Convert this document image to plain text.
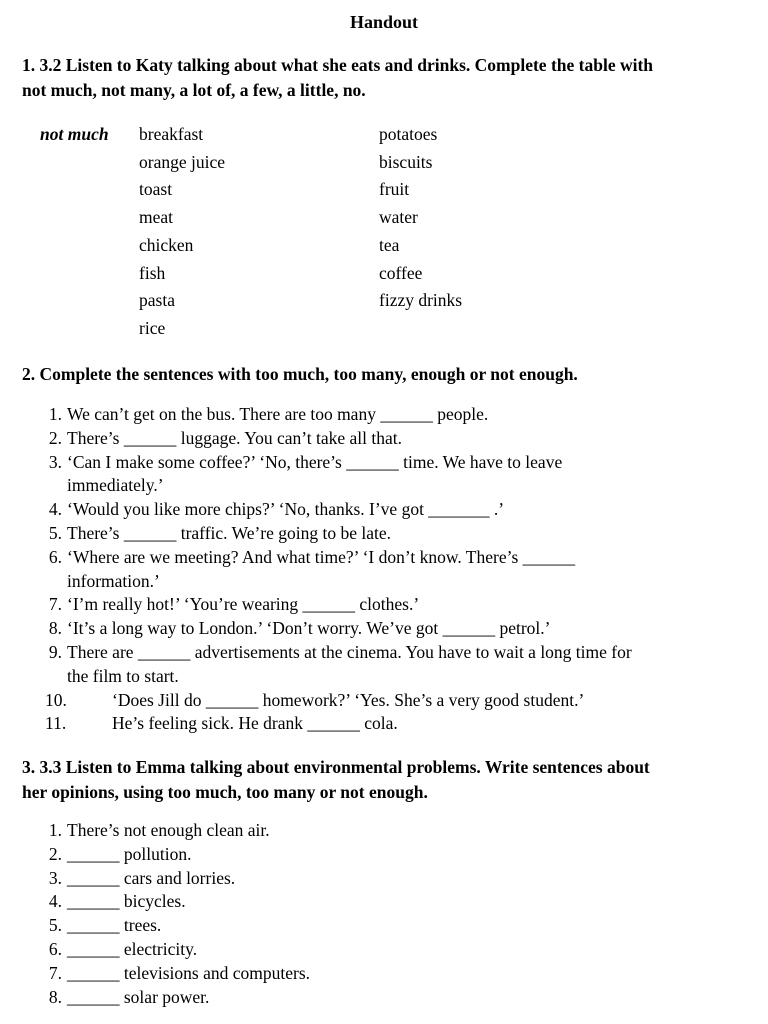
Handout
1. 3.2 Listen to Katy talking about what she eats and drinks. Complete the table with
not much, not many, a lot of, a few, a little, no.
not much breakfast
orange juice
toast
meat
chicken
fish
pasta
rice
potatoes
biscuits
fruit
water
tea
coffee
fizzy drinks
2. Complete the sentences with too much, too many, enough or not enough.
1. We can’t get on the bus. There are too many ______ people.
2. There’s ______ luggage. You can’t take all that.
3. ‘Can I make some coffee?’ ‘No, there’s ______ time. We have to leave
immediately.’
4. ‘Would you like more chips?’ ‘No, thanks. I’ve got _______ .’
5. There’s ______ traffic. We’re going to be late.
6. ‘Where are we meeting? And what time?’ ‘I don’t know. There’s ______
information.’
7. ‘I’m really hot!’ ‘You’re wearing ______ clothes.’
8. ‘It’s a long way to London.’ ‘Don’t worry. We’ve got ______ petrol.’
9. There are ______ advertisements at the cinema. You have to wait a long time for
the film to start.
10.	‘Does Jill do ______ homework?’ ‘Yes. She’s a very good student.’
11.	He’s feeling sick. He drank ______ cola.
3. 3.3 Listen to Emma talking about environmental problems. Write sentences about
her opinions, using too much, too many or not enough.
1. There’s not enough clean air.
2. ______ pollution.
3. ______ cars and lorries.
4. ______ bicycles.
5. ______ trees.
6. ______ electricity.
7. ______ televisions and computers.
8. ______ solar power.
